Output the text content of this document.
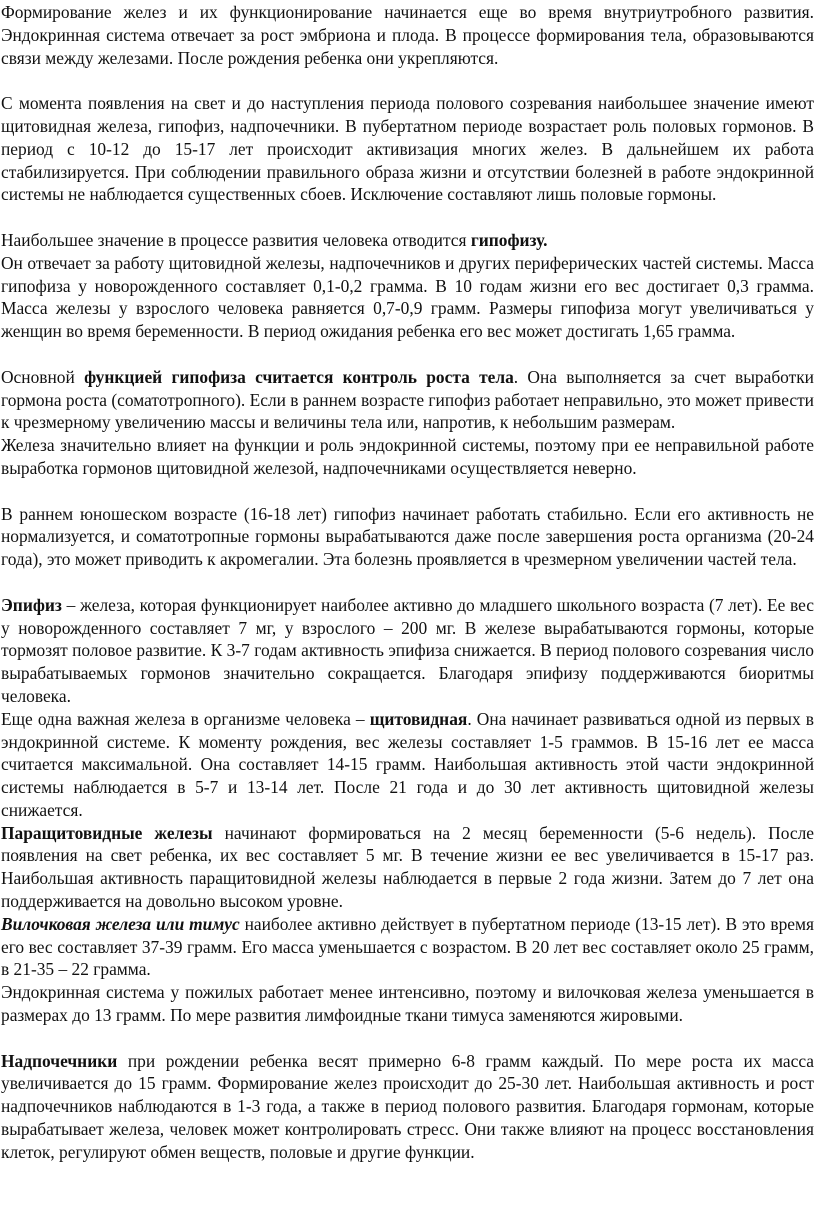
Формирование желез и их функционирование начинается еще во время внутриутробного развития. Эндокринная система отвечает за рост эмбриона и плода. В процессе формирования тела, образовываются связи между железами. После рождения ребенка они укрепляются.

С момента появления на свет и до наступления периода полового созревания наибольшее значение имеют щитовидная железа, гипофиз, надпочечники. В пубертатном периоде возрастает роль половых гормонов. В период с 10-12 до 15-17 лет происходит активизация многих желез. В дальнейшем их работа стабилизируется. При соблюдении правильного образа жизни и отсутствии болезней в работе эндокринной системы не наблюдается существенных сбоев. Исключение составляют лишь половые гормоны.

Наибольшее значение в процессе развития человека отводится гипофизу.

Он отвечает за работу щитовидной железы, надпочечников и других периферических частей системы. Масса гипофиза у новорожденного составляет 0,1-0,2 грамма. В 10 годам жизни его вес достигает 0,3 грамма. Масса железы у взрослого человека равняется 0,7-0,9 грамм. Размеры гипофиза могут увеличиваться у женщин во время беременности. В период ожидания ребенка его вес может достигать 1,65 грамма.

Основной функцией гипофиза считается контроль роста тела. Она выполняется за счет выработки гормона роста (соматотропного). Если в раннем возрасте гипофиз работает неправильно, это может привести к чрезмерному увеличению массы и величины тела или, напротив, к небольшим размерам.

Железа значительно влияет на функции и роль эндокринной системы, поэтому при ее неправильной работе выработка гормонов щитовидной железой, надпочечниками осуществляется неверно.

В раннем юношеском возрасте (16-18 лет) гипофиз начинает работать стабильно. Если его активность не нормализуется, и соматотропные гормоны вырабатываются даже после завершения роста организма (20-24 года), это может приводить к акромегалии. Эта болезнь проявляется в чрезмерном увеличении частей тела.

Эпифиз – железа, которая функционирует наиболее активно до младшего школьного возраста (7 лет). Ее вес у новорожденного составляет 7 мг, у взрослого – 200 мг. В железе вырабатываются гормоны, которые тормозят половое развитие. К 3-7 годам активность эпифиза снижается. В период полового созревания число вырабатываемых гормонов значительно сокращается. Благодаря эпифизу поддерживаются биоритмы человека.

Еще одна важная железа в организме человека – щитовидная. Она начинает развиваться одной из первых в эндокринной системе. К моменту рождения, вес железы составляет 1-5 граммов. В 15-16 лет ее масса считается максимальной. Она составляет 14-15 грамм. Наибольшая активность этой части эндокринной системы наблюдается в 5-7 и 13-14 лет. После 21 года и до 30 лет активность щитовидной железы снижается.

Паращитовидные железы начинают формироваться на 2 месяц беременности (5-6 недель). После появления на свет ребенка, их вес составляет 5 мг. В течение жизни ее вес увеличивается в 15-17 раз. Наибольшая активность паращитовидной железы наблюдается в первые 2 года жизни. Затем до 7 лет она поддерживается на довольно высоком уровне.

Вилочковая железа или тимус наиболее активно действует в пубертатном периоде (13-15 лет). В это время его вес составляет 37-39 грамм. Его масса уменьшается с возрастом. В 20 лет вес составляет около 25 грамм, в 21-35 – 22 грамма.

Эндокринная система у пожилых работает менее интенсивно, поэтому и вилочковая железа уменьшается в размерах до 13 грамм. По мере развития лимфоидные ткани тимуса заменяются жировыми.

Надпочечники при рождении ребенка весят примерно 6-8 грамм каждый. По мере роста их масса увеличивается до 15 грамм. Формирование желез происходит до 25-30 лет. Наибольшая активность и рост надпочечников наблюдаются в 1-3 года, а также в период полового развития. Благодаря гормонам, которые вырабатывает железа, человек может контролировать стресс. Они также влияют на процесс восстановления клеток, регулируют обмен веществ, половые и другие функции.
